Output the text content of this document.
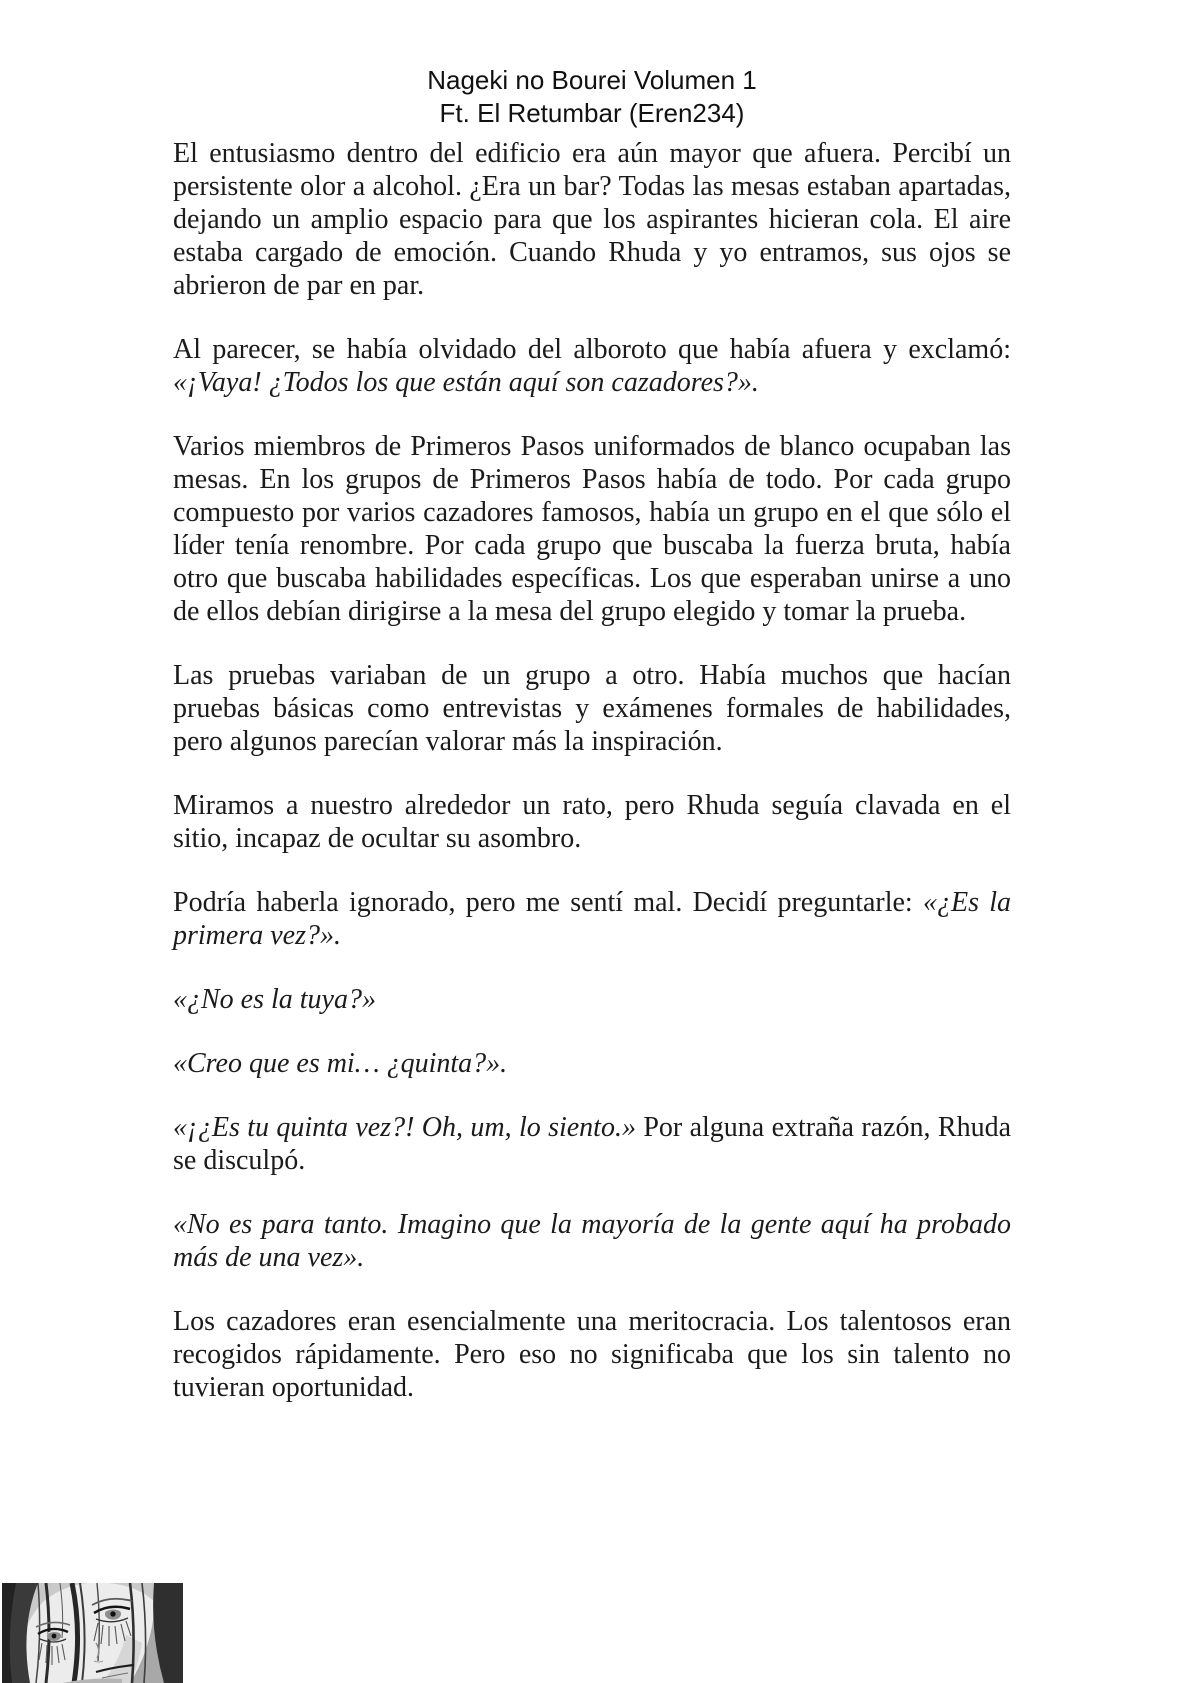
Nageki no Bourei Volumen 1
Ft. El Retumbar (Eren234)

El entusiasmo dentro del edificio era aún mayor que afuera. Percibí un persistente olor a alcohol. ¿Era un bar? Todas las mesas estaban apartadas, dejando un amplio espacio para que los aspirantes hicieran cola. El aire estaba cargado de emoción. Cuando Rhuda y yo entramos, sus ojos se abrieron de par en par.

Al parecer, se había olvidado del alboroto que había afuera y exclamó: «¡Vaya! ¿Todos los que están aquí son cazadores?».

Varios miembros de Primeros Pasos uniformados de blanco ocupaban las mesas. En los grupos de Primeros Pasos había de todo. Por cada grupo compuesto por varios cazadores famosos, había un grupo en el que sólo el líder tenía renombre. Por cada grupo que buscaba la fuerza bruta, había otro que buscaba habilidades específicas. Los que esperaban unirse a uno de ellos debían dirigirse a la mesa del grupo elegido y tomar la prueba.

Las pruebas variaban de un grupo a otro. Había muchos que hacían pruebas básicas como entrevistas y exámenes formales de habilidades, pero algunos parecían valorar más la inspiración.

Miramos a nuestro alrededor un rato, pero Rhuda seguía clavada en el sitio, incapaz de ocultar su asombro.

Podría haberla ignorado, pero me sentí mal. Decidí preguntarle: «¿Es la primera vez?».

«¿No es la tuya?»

«Creo que es mi… ¿quinta?».

«¡¿Es tu quinta vez?! Oh, um, lo siento.» Por alguna extraña razón, Rhuda se disculpó.

«No es para tanto. Imagino que la mayoría de la gente aquí ha probado más de una vez».

Los cazadores eran esencialmente una meritocracia. Los talentosos eran recogidos rápidamente. Pero eso no significaba que los sin talento no tuvieran oportunidad.
